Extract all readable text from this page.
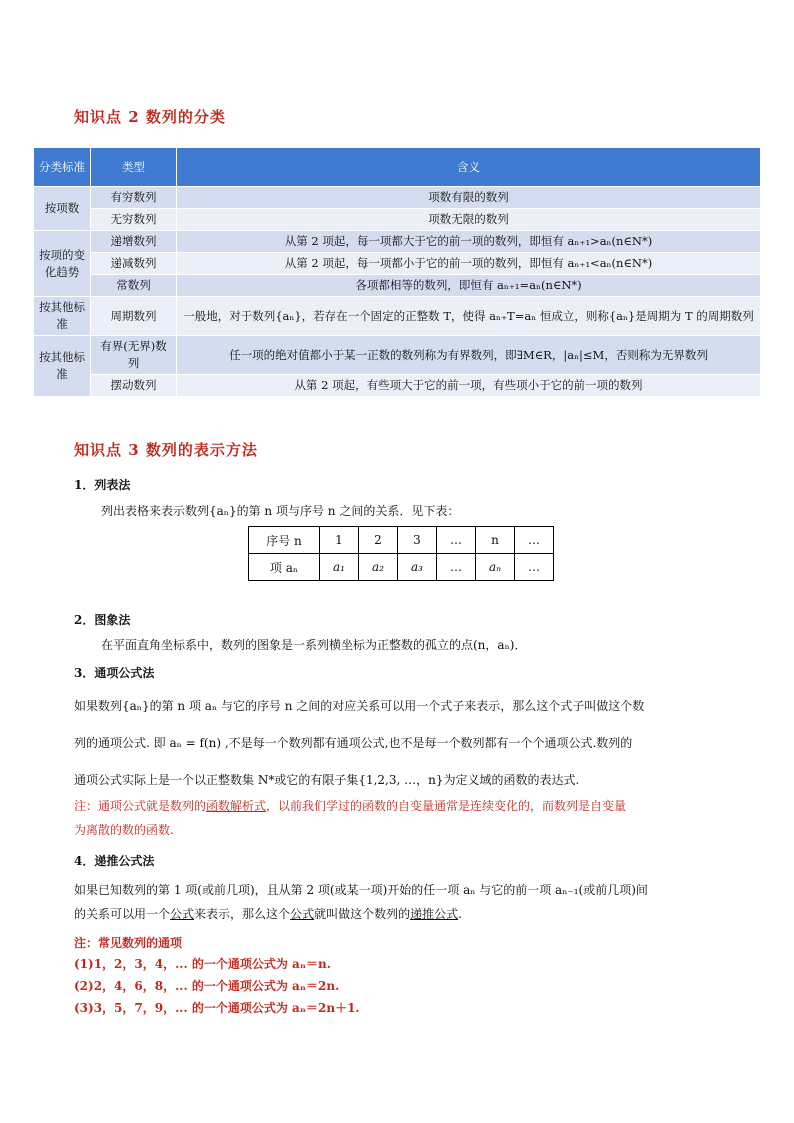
知识点 2 数列的分类
分类标准	类型	含义
按项数	有穷数列	项数有限的数列
	无穷数列	项数无限的数列
按项的变化趋势	递增数列	从第 2 项起，每一项都大于它的前一项的数列，即恒有 aₙ₊₁>aₙ(n∈N*)
	递减数列	从第 2 项起，每一项都小于它的前一项的数列，即恒有 aₙ₊₁<aₙ(n∈N*)
	常数列	各项都相等的数列，即恒有 aₙ₊₁=aₙ(n∈N*)
按其他标准	周期数列	一般地，对于数列{aₙ}，若存在一个固定的正整数 T，使得 aₙ₊T=aₙ 恒成立，则称{aₙ}是周期为 T 的周期数列
按其他标准	有界(无界)数列	任一项的绝对值都小于某一正数的数列称为有界数列，即∃M∈R，|aₙ|≤M，否则称为无界数列
	摆动数列	从第 2 项起，有些项大于它的前一项，有些项小于它的前一项的数列
知识点 3 数列的表示方法
1．列表法
列出表格来表示数列{aₙ}的第 n 项与序号 n 之间的关系．见下表：
序号 n	1	2	3	…	n	…
项 aₙ	a₁	a₂	a₃	…	aₙ	…
2．图象法
在平面直角坐标系中，数列的图象是一系列横坐标为正整数的孤立的点(n，aₙ)．
3．通项公式法
如果数列{aₙ}的第 n 项 aₙ 与它的序号 n 之间的对应关系可以用一个式子来表示，那么这个式子叫做这个数
列的通项公式. 即 aₙ = f(n) ,不是每一个数列都有通项公式,也不是每一个数列都有一个个通项公式.数列的
通项公式实际上是一个以正整数集 N*或它的有限子集{1,2,3, …，n}为定义域的函数的表达式.
注：通项公式就是数列的函数解析式，以前我们学过的函数的自变量通常是连续变化的，而数列是自变量
为离散的数的函数.
4．递推公式法
如果已知数列的第 1 项(或前几项)，且从第 2 项(或某一项)开始的任一项 aₙ 与它的前一项 aₙ₋₁(或前几项)间
的关系可以用一个公式来表示，那么这个公式就叫做这个数列的递推公式.
注：常见数列的通项
(1)1，2，3，4，... 的一个通项公式为 aₙ＝n.
(2)2，4，6，8，... 的一个通项公式为 aₙ＝2n.
(3)3，5，7，9，... 的一个通项公式为 aₙ＝2n＋1.
